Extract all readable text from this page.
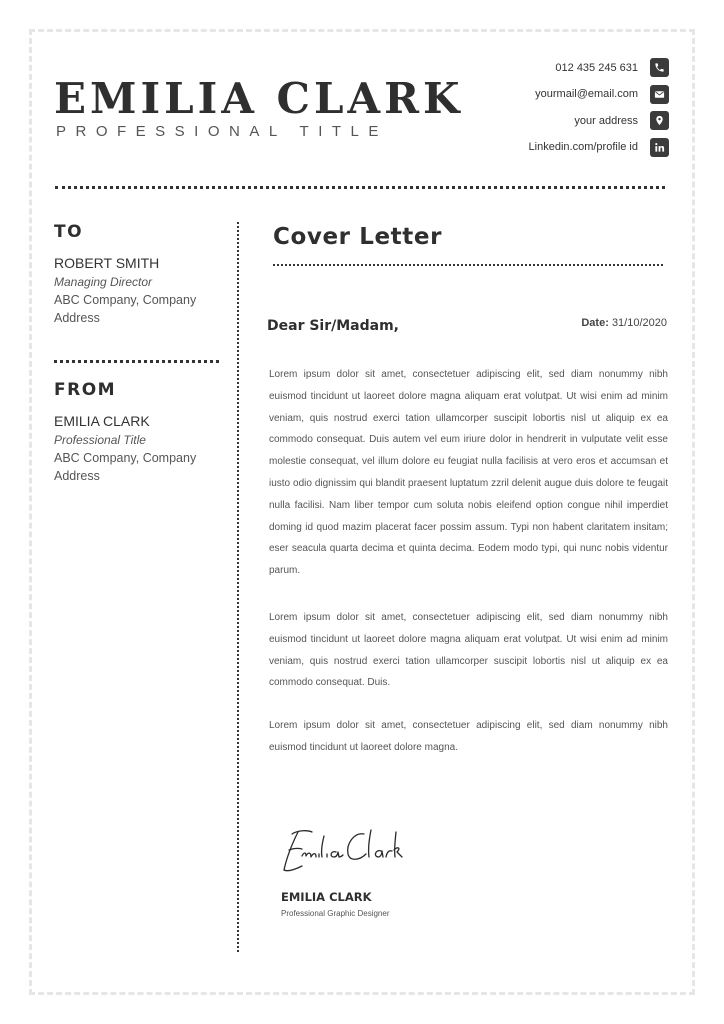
EMILIA CLARK
PROFESSIONAL TITLE
012 435 245 631
yourmail@email.com
your address
Linkedin.com/profile id
TO
ROBERT SMITH
Managing Director
ABC Company, Company Address
FROM
EMILIA CLARK
Professional Title
ABC Company, Company Address
Cover Letter
Dear Sir/Madam,	Date: 31/10/2020

Lorem ipsum dolor sit amet, consectetuer adipiscing elit, sed diam nonummy nibh euismod tincidunt ut laoreet dolore magna aliquam erat volutpat. Ut wisi enim ad minim veniam, quis nostrud exerci tation ullamcorper suscipit lobortis nisl ut aliquip ex ea commodo consequat. Duis autem vel eum iriure dolor in hendrerit in vulputate velit esse molestie consequat, vel illum dolore eu feugiat nulla facilisis at vero eros et accumsan et iusto odio dignissim qui blandit praesent luptatum zzril delenit augue duis dolore te feugait nulla facilisi. Nam liber tempor cum soluta nobis eleifend option congue nihil imperdiet doming id quod mazim placerat facer possim assum. Typi non habent claritatem insitam; eser seacula quarta decima et quinta decima. Eodem modo typi, qui nunc nobis videntur parum.

Lorem ipsum dolor sit amet, consectetuer adipiscing elit, sed diam nonummy nibh euismod tincidunt ut laoreet dolore magna aliquam erat volutpat. Ut wisi enim ad minim veniam, quis nostrud exerci tation ullamcorper suscipit lobortis nisl ut aliquip ex ea commodo consequat. Duis.

Lorem ipsum dolor sit amet, consectetuer adipiscing elit, sed diam nonummy nibh euismod tincidunt ut laoreet dolore magna.

Emilia Clark
EMILIA CLARK
Professional Graphic Designer
